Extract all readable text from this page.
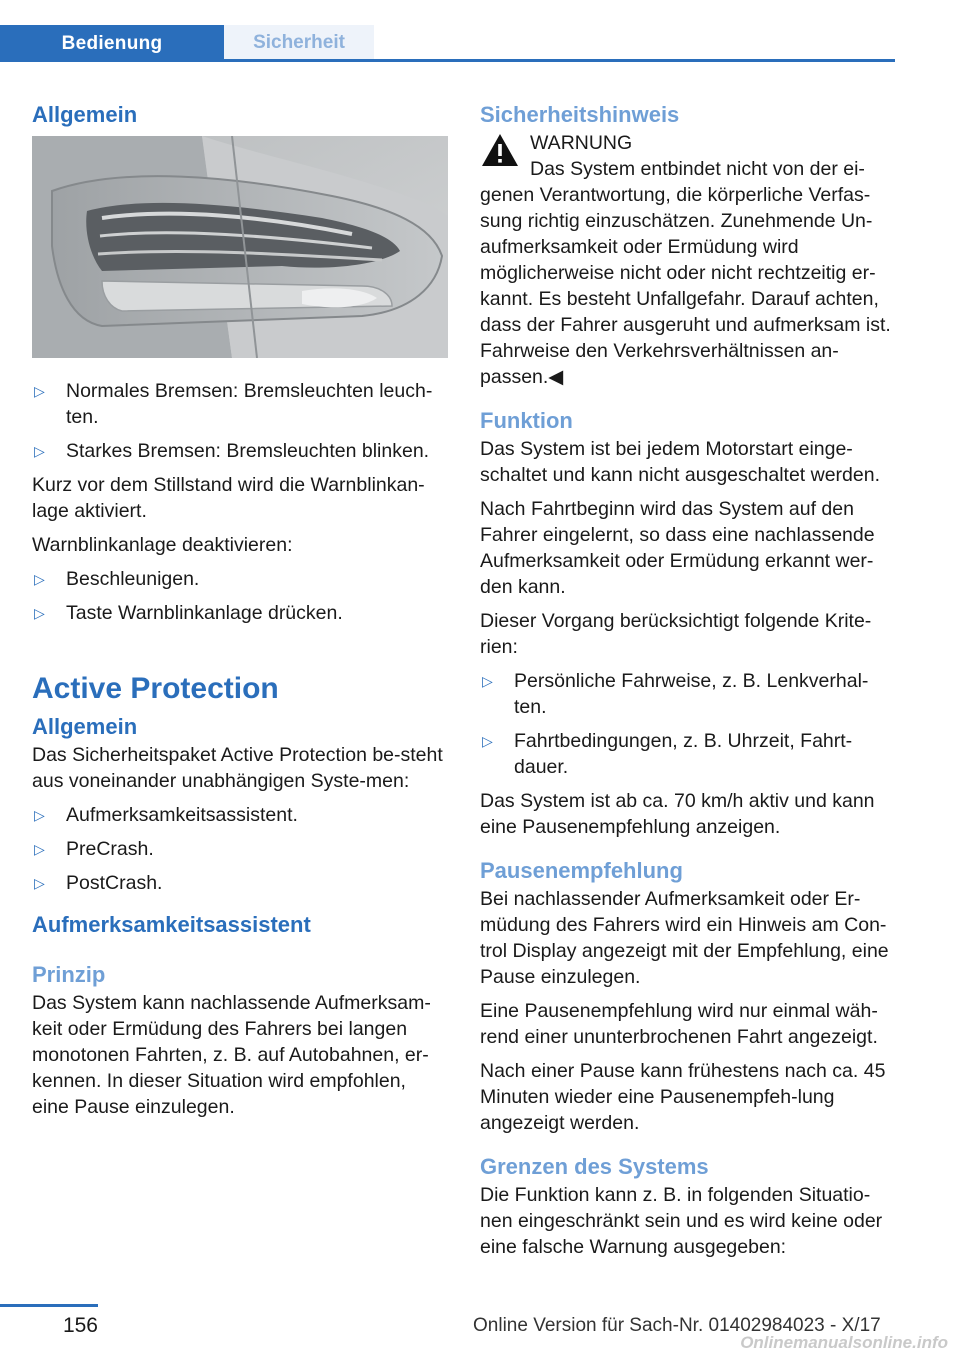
Bedienung	Sicherheit
Allgemein
▷ Normales Bremsen: Bremsleuchten leuch-ten.
▷ Starkes Bremsen: Bremsleuchten blinken.

Kurz vor dem Stillstand wird die Warnblinkan-lage aktiviert.

Warnblinkanlage deaktivieren:

▷ Beschleunigen.
▷ Taste Warnblinkanlage drücken.
Active Protection
Allgemein

Das Sicherheitspaket Active Protection be-steht aus voneinander unabhängigen Syste-men:

▷ Aufmerksamkeitsassistent.
▷ PreCrash.
▷ PostCrash.
Aufmerksamkeitsassistent
Prinzip

Das System kann nachlassende Aufmerksam-keit oder Ermüdung des Fahrers bei langen monotonen Fahrten, z. B. auf Autobahnen, er-kennen. In dieser Situation wird empfohlen, eine Pause einzulegen.

Sicherheitshinweis
WARNUNG

Das System entbindet nicht von der ei-genen Verantwortung, die körperliche Verfas-sung richtig einzuschätzen. Zunehmende Un-aufmerksamkeit oder Ermüdung wird möglicherweise nicht oder nicht rechtzeitig er-kannt. Es besteht Unfallgefahr. Darauf achten, dass der Fahrer ausgeruht und aufmerksam ist. Fahrweise den Verkehrsverhältnissen an-passen.◀

Funktion

Das System ist bei jedem Motorstart einge-schaltet und kann nicht ausgeschaltet werden.

Nach Fahrtbeginn wird das System auf den Fahrer eingelernt, so dass eine nachlassende Aufmerksamkeit oder Ermüdung erkannt wer-den kann.

Dieser Vorgang berücksichtigt folgende Krite-rien:

▷ Persönliche Fahrweise, z. B. Lenkverhal-ten.
▷ Fahrtbedingungen, z. B. Uhrzeit, Fahrt-dauer.

Das System ist ab ca. 70 km/h aktiv und kann eine Pausenempfehlung anzeigen.

Pausenempfehlung

Bei nachlassender Aufmerksamkeit oder Er-müdung des Fahrers wird ein Hinweis am Con-trol Display angezeigt mit der Empfehlung, eine Pause einzulegen.

Eine Pausenempfehlung wird nur einmal wäh-rend einer ununterbrochenen Fahrt angezeigt.

Nach einer Pause kann frühestens nach ca. 45 Minuten wieder eine Pausenempfeh-lung angezeigt werden.

Grenzen des Systems

Die Funktion kann z. B. in folgenden Situatio-nen eingeschränkt sein und es wird keine oder eine falsche Warnung ausgegeben:

156	Online Version für Sach-Nr. 01402984023 - X/17
Onlinemanualsonline.info
